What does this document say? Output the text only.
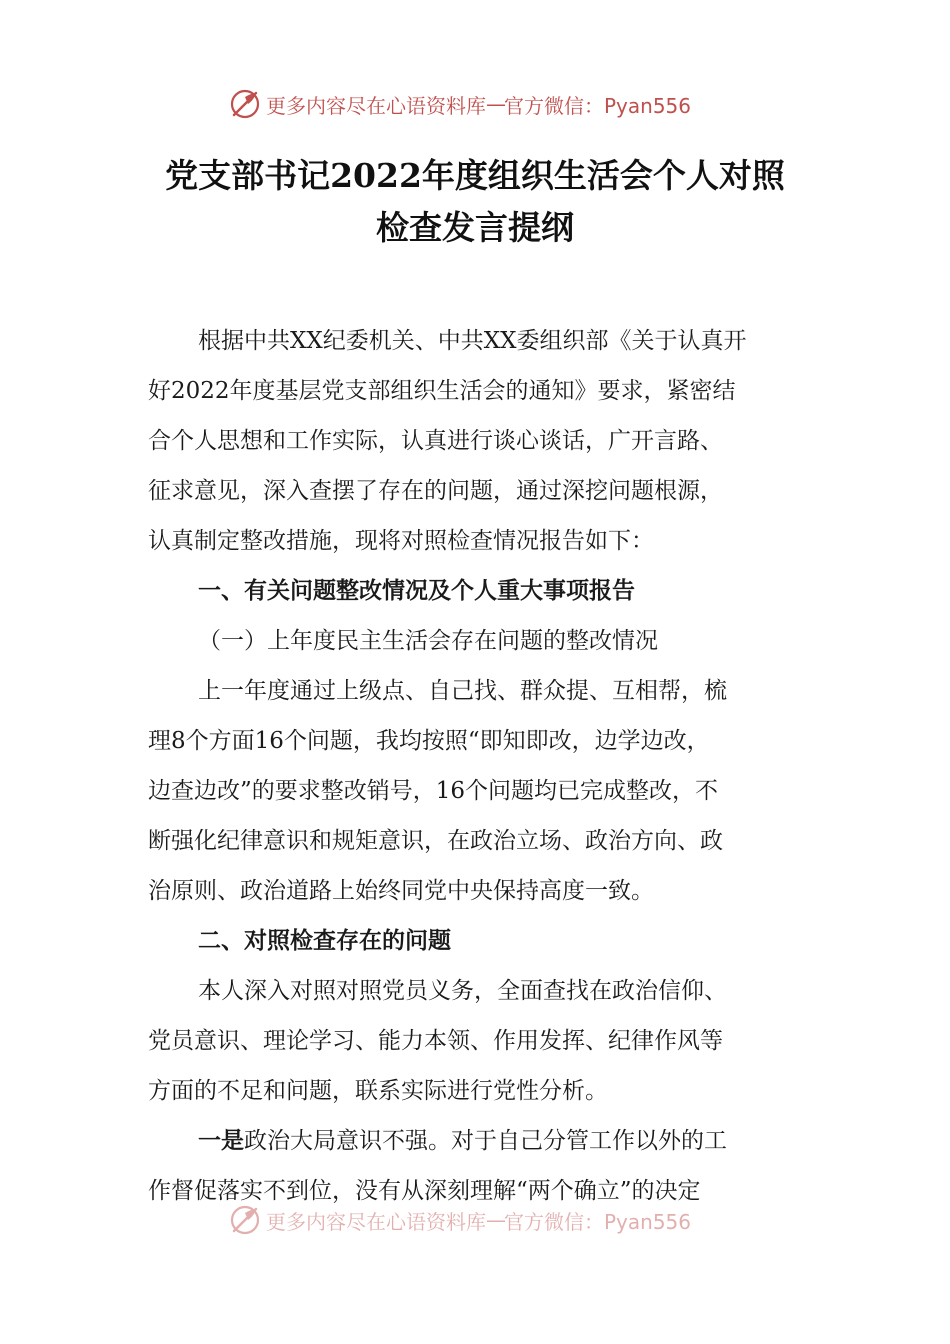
更多内容尽在心语资料库 — 官方微信：Pyan556
党支部书记2022年度组织生活会个人对照
检查发言提纲
根据中共XX纪委机关、中共XX委组织部《关于认真开
好2022年度基层党支部组织生活会的通知》要求，紧密结
合个人思想和工作实际，认真进行谈心谈话，广开言路、
征求意见，深入查摆了存在的问题，通过深挖问题根源，
认真制定整改措施，现将对照检查情况报告如下：
一、有关问题整改情况及个人重大事项报告
（一）上年度民主生活会存在问题的整改情况
上一年度通过上级点、自己找、群众提、互相帮，梳
理8个方面16个问题，我均按照“即知即改，边学边改，
边查边改”的要求整改销号，16个问题均已完成整改，不
断强化纪律意识和规矩意识，在政治立场、政治方向、政
治原则、政治道路上始终同党中央保持高度一致。
二、对照检查存在的问题
本人深入对照对照党员义务，全面查找在政治信仰、
党员意识、理论学习、能力本领、作用发挥、纪律作风等
方面的不足和问题，联系实际进行党性分析。
一是政治大局意识不强。对于自己分管工作以外的工
作督促落实不到位，没有从深刻理解“两个确立”的决定
更多内容尽在心语资料库 — 官方微信：Pyan556
